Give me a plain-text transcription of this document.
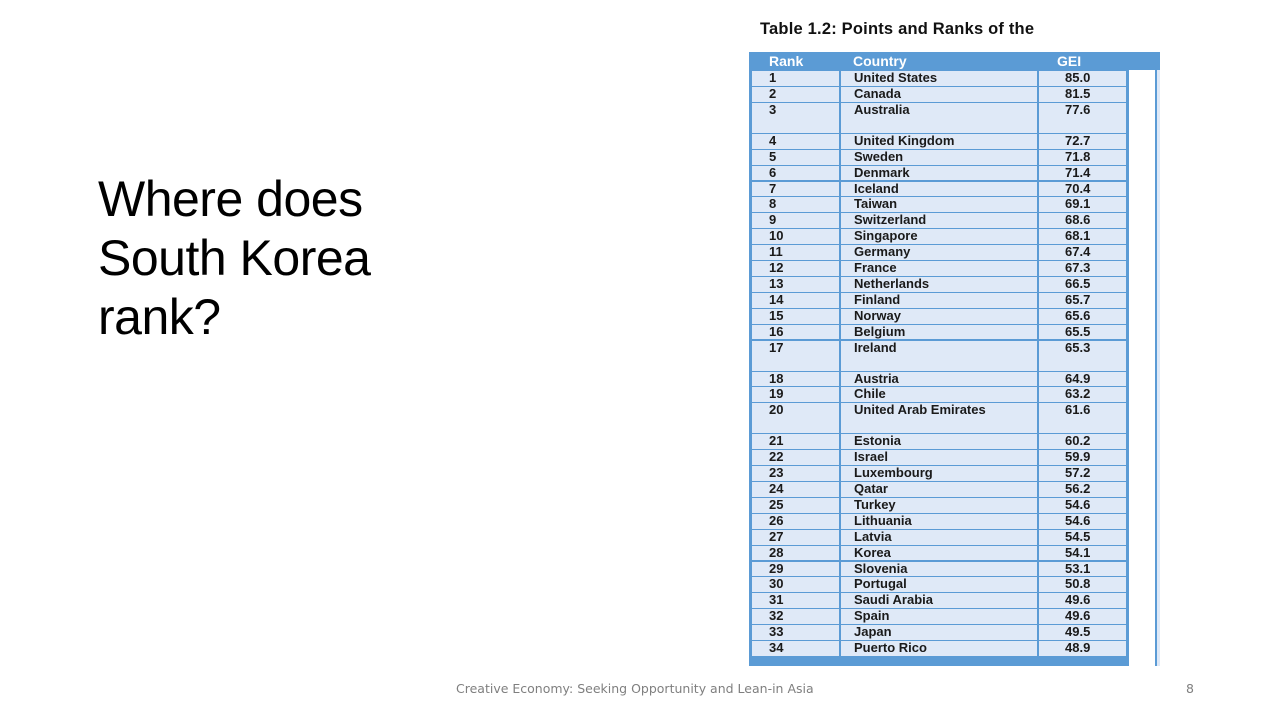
Where does South Korea rank?
Table 1.2: Points and Ranks of the
Rank	Country	GEI
1	United States	85.0
2	Canada	81.5
3	Australia	77.6
4	United Kingdom	72.7
5	Sweden	71.8
6	Denmark	71.4
7	Iceland	70.4
8	Taiwan	69.1
9	Switzerland	68.6
10	Singapore	68.1
11	Germany	67.4
12	France	67.3
13	Netherlands	66.5
14	Finland	65.7
15	Norway	65.6
16	Belgium	65.5
17	Ireland	65.3
18	Austria	64.9
19	Chile	63.2
20	United Arab Emirates	61.6
21	Estonia	60.2
22	Israel	59.9
23	Luxembourg	57.2
24	Qatar	56.2
25	Turkey	54.6
26	Lithuania	54.6
27	Latvia	54.5
28	Korea	54.1
29	Slovenia	53.1
30	Portugal	50.8
31	Saudi Arabia	49.6
32	Spain	49.6
33	Japan	49.5
34	Puerto Rico	48.9
Creative Economy: Seeking Opportunity and Lean-in Asia	8
